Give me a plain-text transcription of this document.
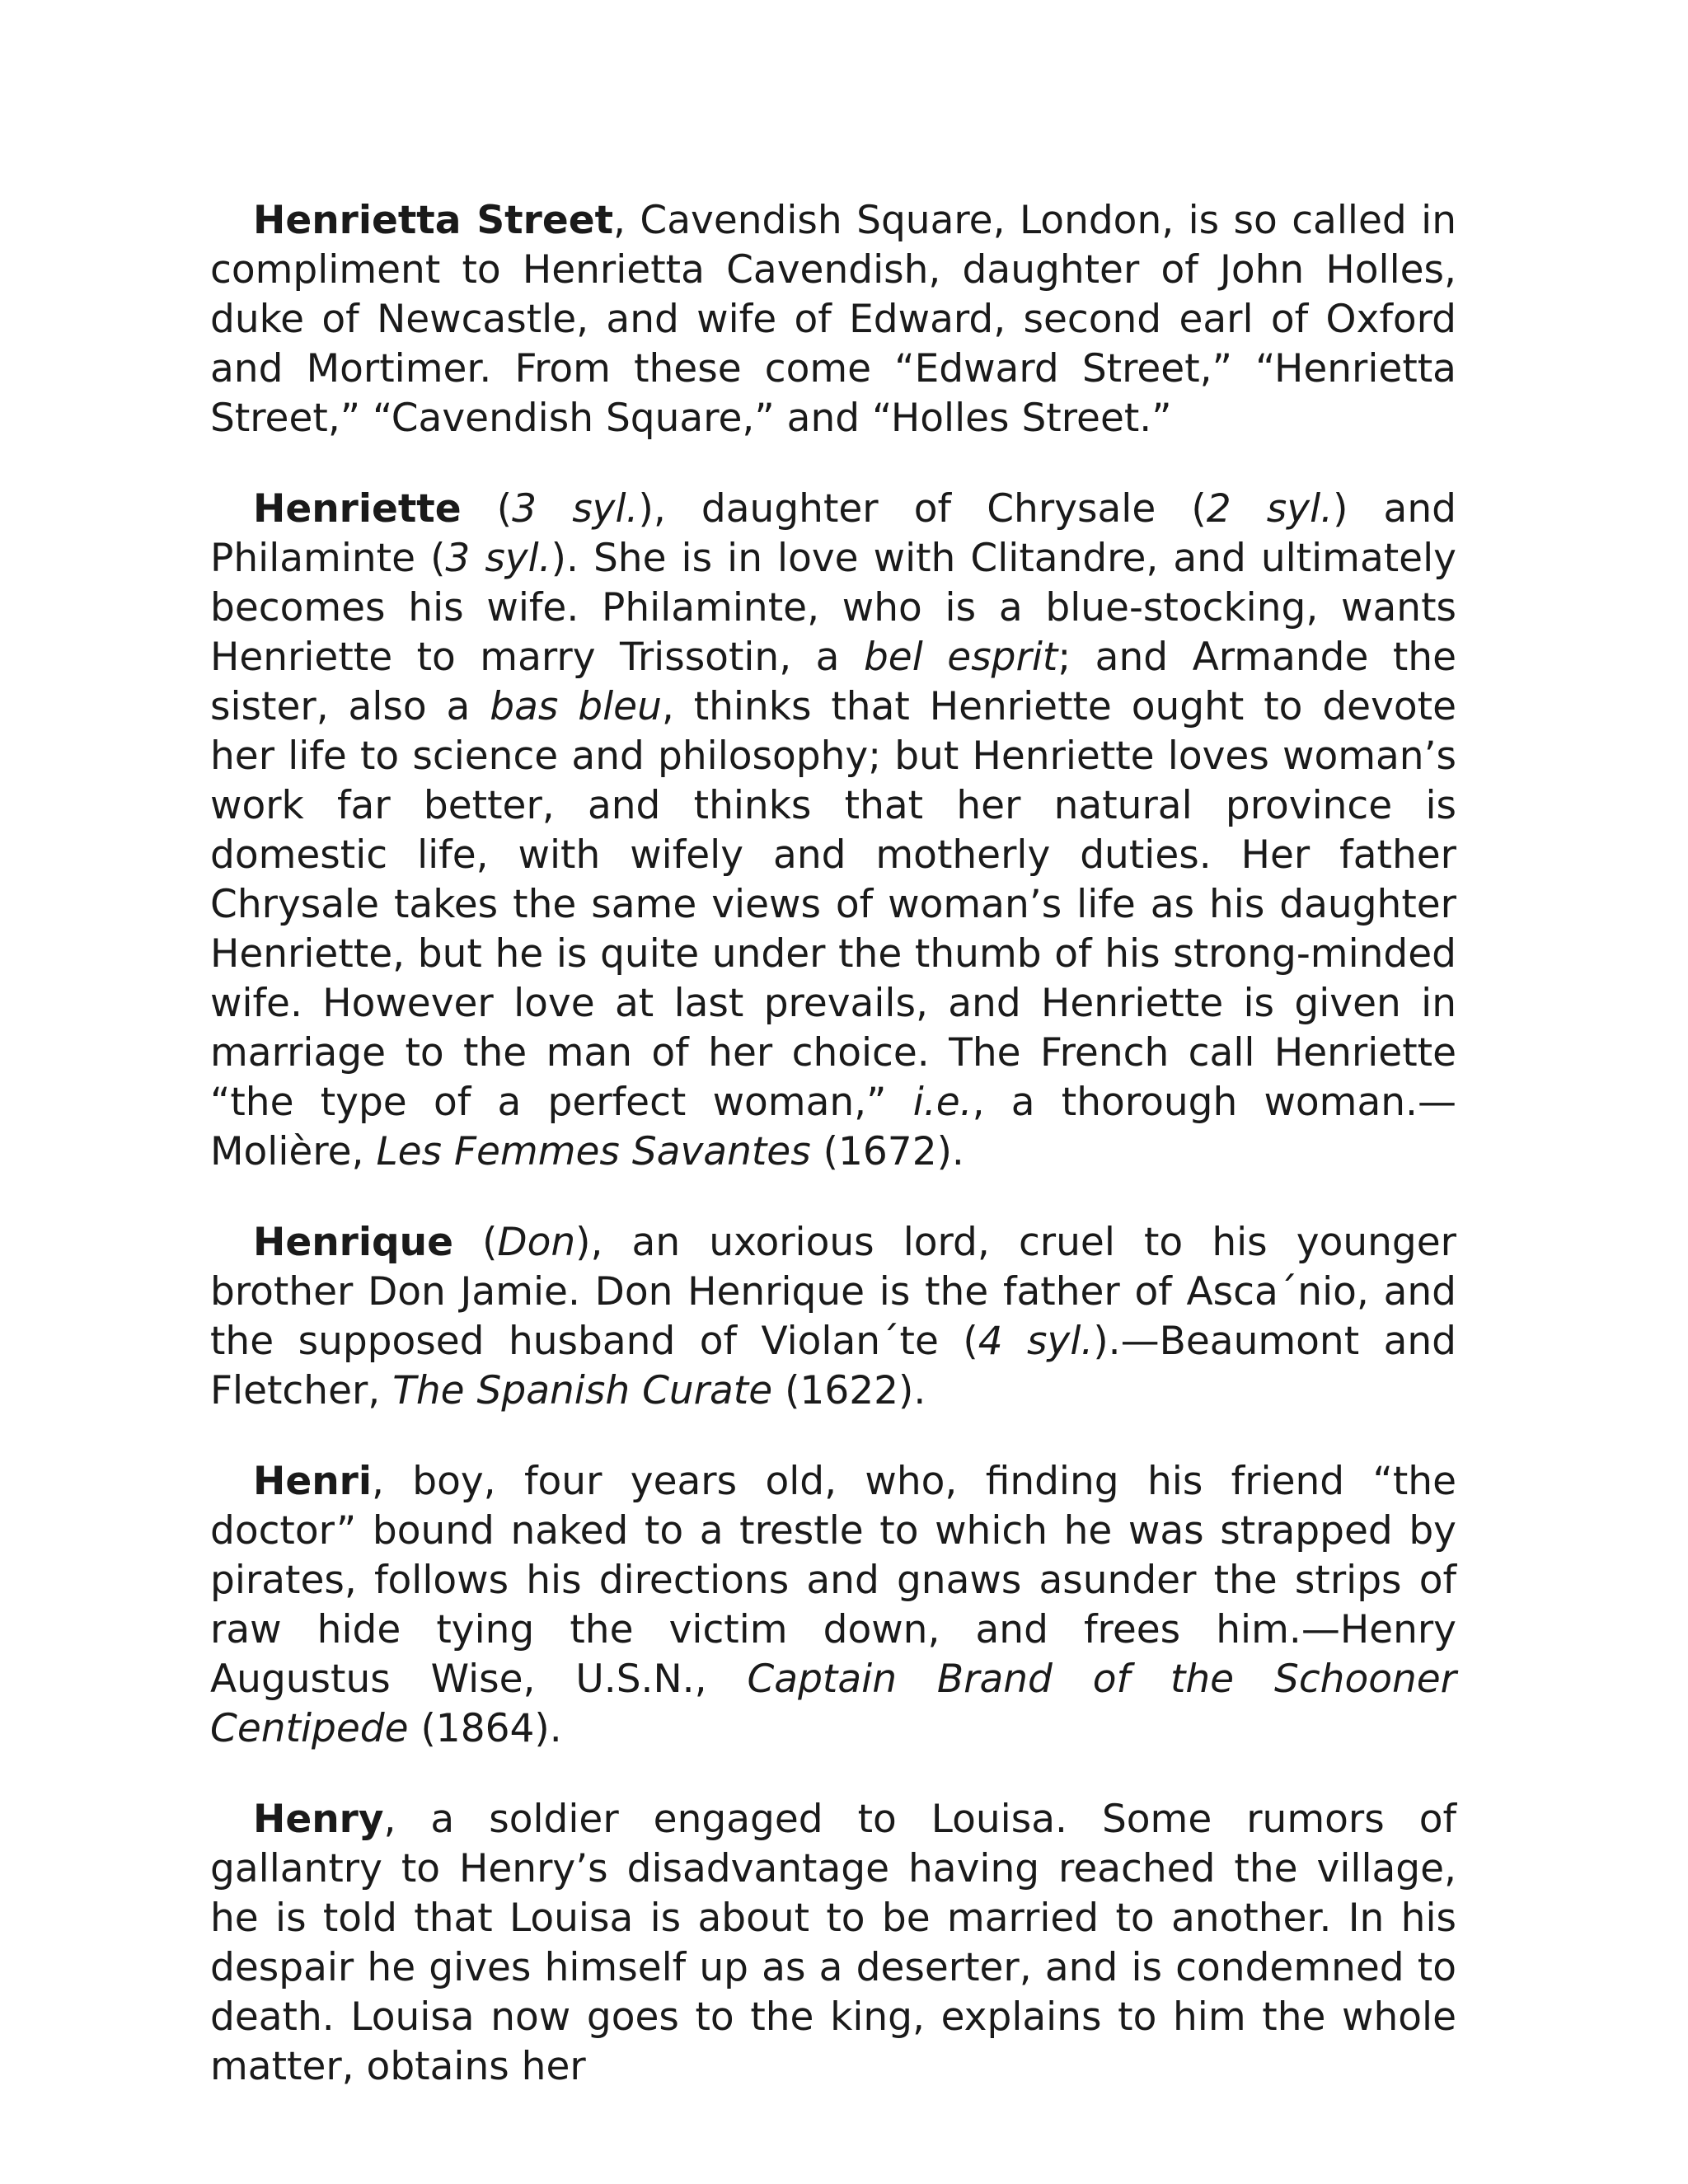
Henrietta Street, Cavendish Square, London, is so called in compliment to Henrietta Cavendish, daughter of John Holles, duke of Newcastle, and wife of Edward, second earl of Oxford and Mortimer. From these come “Edward Street,” “Henrietta Street,” “Cavendish Square,” and “Holles Street.”

Henriette (3 syl.), daughter of Chrysale (2 syl.) and Philaminte (3 syl.). She is in love with Clitandre, and ultimately becomes his wife. Philaminte, who is a blue-stocking, wants Henriette to marry Trissotin, a bel esprit; and Armande the sister, also a bas bleu, thinks that Henriette ought to devote her life to science and philosophy; but Henriette loves woman’s work far better, and thinks that her natural province is domestic life, with wifely and motherly duties. Her father Chrysale takes the same views of woman’s life as his daughter Henriette, but he is quite under the thumb of his strong-minded wife. However love at last prevails, and Henriette is given in marriage to the man of her choice. The French call Henriette “the type of a perfect woman,” i.e., a thorough woman.—Molière, Les Femmes Savantes (1672).

Henrique (Don), an uxorious lord, cruel to his younger brother Don Jamie. Don Henrique is the father of Asca´nio, and the supposed husband of Violan´te (4 syl.).—Beaumont and Fletcher, The Spanish Curate (1622).

Henri, boy, four years old, who, finding his friend “the doctor” bound naked to a trestle to which he was strapped by pirates, follows his directions and gnaws asunder the strips of raw hide tying the victim down, and frees him.—Henry Augustus Wise, U.S.N., Captain Brand of the Schooner Centipede (1864).

Henry, a soldier engaged to Louisa. Some rumors of gallantry to Henry’s disadvantage having reached the village, he is told that Louisa is about to be married to another. In his despair he gives himself up as a deserter, and is condemned to death. Louisa now goes to the king, explains to him the whole matter, obtains her
